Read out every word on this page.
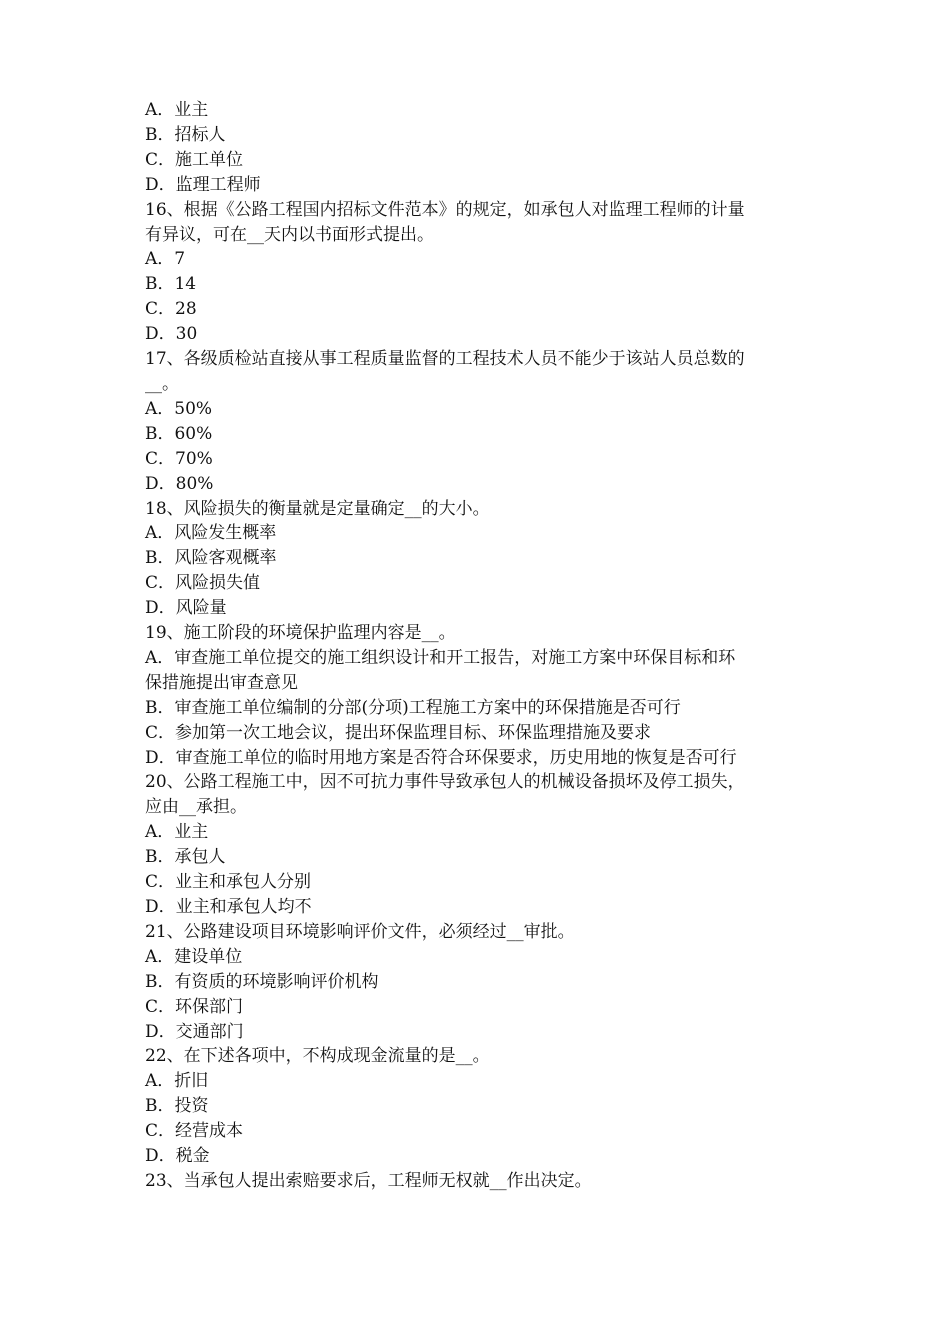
A．业主

B．招标人

C．施工单位

D．监理工程师

16、根据《公路工程国内招标文件范本》的规定，如承包人对监理工程师的计量

有异议，可在__天内以书面形式提出。

A．7

B．14

C．28

D．30

17、各级质检站直接从事工程质量监督的工程技术人员不能少于该站人员总数的

__。

A．50%

B．60%

C．70%

D．80%

18、风险损失的衡量就是定量确定__的大小。

A．风险发生概率

B．风险客观概率

C．风险损失值

D．风险量

19、施工阶段的环境保护监理内容是__。

A．审查施工单位提交的施工组织设计和开工报告，对施工方案中环保目标和环

保措施提出审查意见

B．审查施工单位编制的分部(分项)工程施工方案中的环保措施是否可行

C．参加第一次工地会议，提出环保监理目标、环保监理措施及要求

D．审查施工单位的临时用地方案是否符合环保要求，历史用地的恢复是否可行

20、公路工程施工中，因不可抗力事件导致承包人的机械设备损坏及停工损失，

应由__承担。

A．业主

B．承包人

C．业主和承包人分别

D．业主和承包人均不

21、公路建设项目环境影响评价文件，必须经过__审批。

A．建设单位

B．有资质的环境影响评价机构

C．环保部门

D．交通部门

22、在下述各项中，不构成现金流量的是__。

A．折旧

B．投资

C．经营成本

D．税金

23、当承包人提出索赔要求后，工程师无权就__作出决定。
